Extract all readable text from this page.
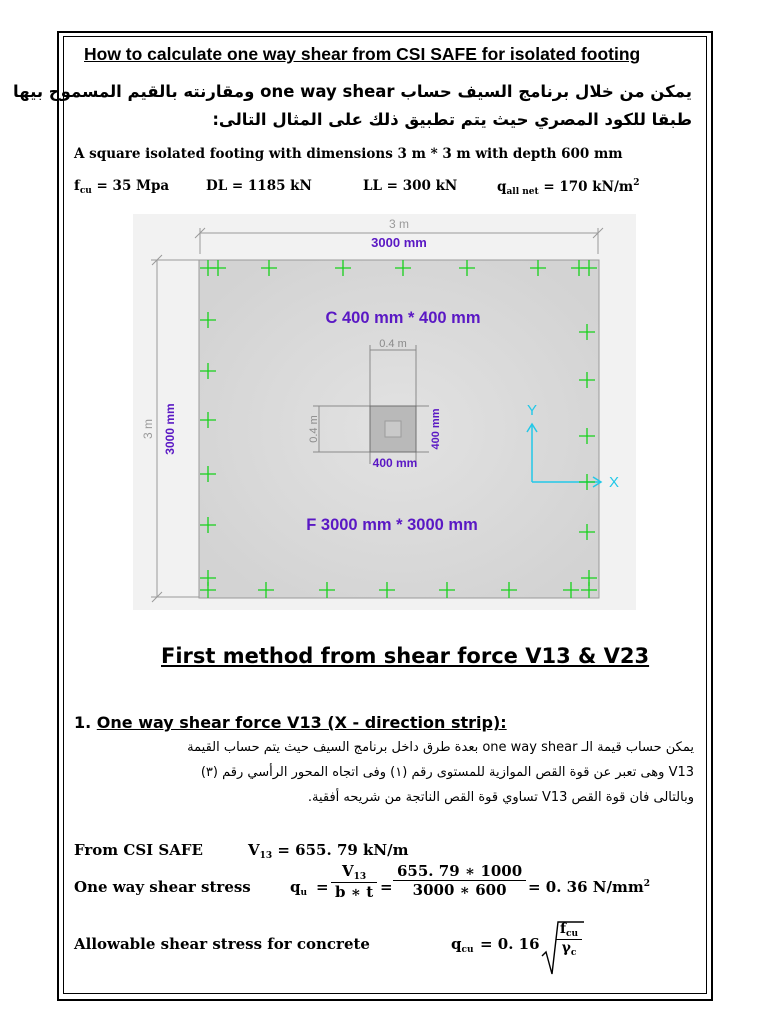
How to calculate one way shear from CSI SAFE for isolated footing
يمكن من خلال برنامج السيف حساب one way shear ومقارنته بالقيم المسموح بيها
طبقا للكود المصري حيث يتم تطبيق ذلك على المثال التالى:
A square isolated footing with dimensions 3 m * 3 m with depth 600 mm
$f_{cu} = 35$ Mpa	DL = 1185 kN	LL = 300 kN	$q_{all net} = 170$ $kN/m^2$
3 m
3000 mm
3 m 3000 mm
0.4 m
0.4 m
400 mm
400 mm
C 400 mm * 400 mm
F 3000 mm * 3000 mm
Y
X
First method from shear force V13 & V23
1. One way shear force V13 (X - direction strip):
يمكن حساب قيمة الـ one way shear بعدة طرق داخل برنامج السيف حيث يتم حساب القيمة
V13 وهى تعبر عن قوة القص الموازية للمستوى رقم (١) وفى اتجاه المحور الرأسي رقم (٣)
وبالتالى فان قوة القص V13 تساوي قوة القص الناتجة من شريحه أفقية.
From CSI SAFE	$V_{13} = 655$. 79 kN/m
One way shear stress	$q_u = \frac{V_{13}}{b ∗ t} = \frac{655. 79 ∗ 1000}{3000 ∗ 600} = 0$. 36 $N/mm^2$
Allowable shear stress for concrete	$q_{cu} = 0$. 16
$f_{cu}$
$\gamma_c$
